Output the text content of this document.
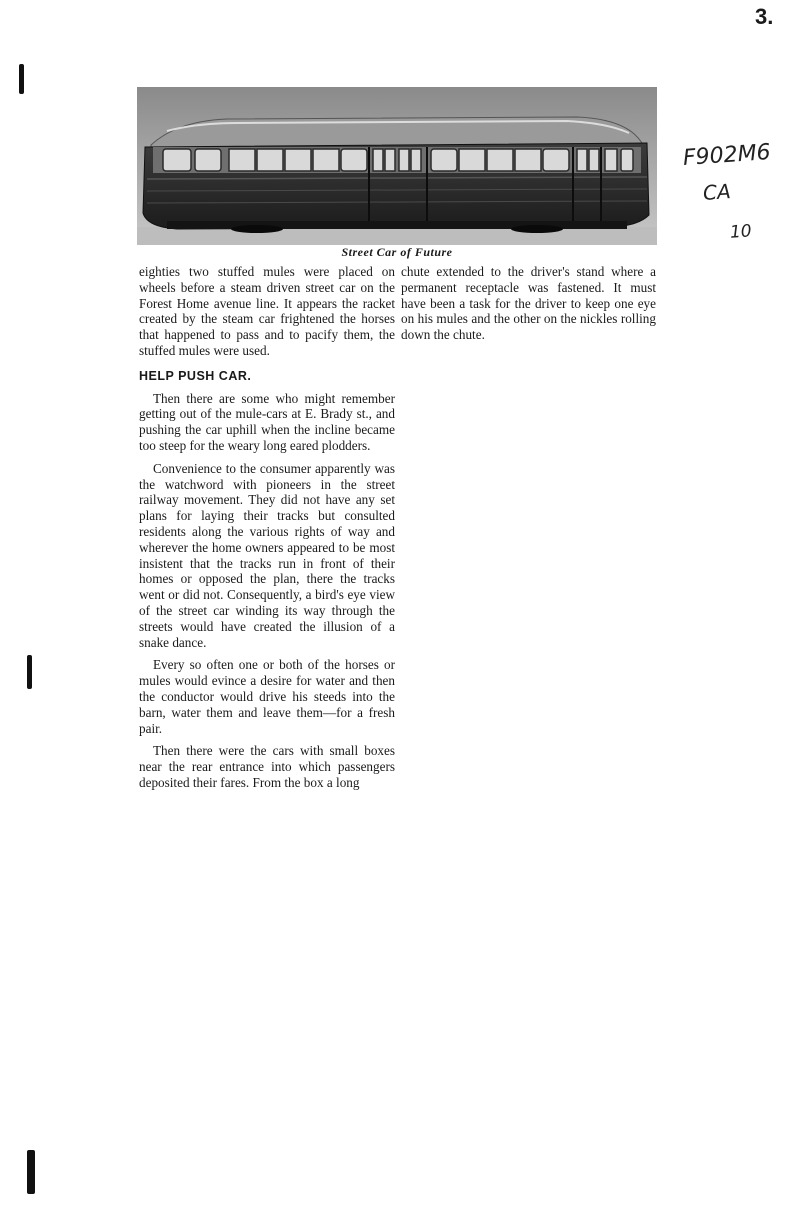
3.
F902M6
CA
10
Street Car of Future

eighties two stuffed mules were placed on wheels before a steam driven street car on the Forest Home avenue line. It appears the racket created by the steam car frightened the horses that happened to pass and to pacify them, the stuffed mules were used.

HELP PUSH CAR.

Then there are some who might remember getting out of the mule-cars at E. Brady st., and pushing the car uphill when the incline became too steep for the weary long eared plodders.

Convenience to the consumer apparently was the watchword with pioneers in the street railway movement. They did not have any set plans for laying their tracks but consulted residents along the various rights of way and wherever the home owners appeared to be most insistent that the tracks run in front of their homes or opposed the plan, there the tracks went or did not. Consequently, a bird's eye view of the street car winding its way through the streets would have created the illusion of a snake dance.

Every so often one or both of the horses or mules would evince a desire for water and then the conductor would drive his steeds into the barn, water them and leave them—for a fresh pair.

Then there were the cars with small boxes near the rear entrance into which passengers deposited their fares. From the box a long

chute extended to the driver's stand where a permanent receptacle was fastened. It must have been a task for the driver to keep one eye on his mules and the other on the nickles rolling down the chute.
